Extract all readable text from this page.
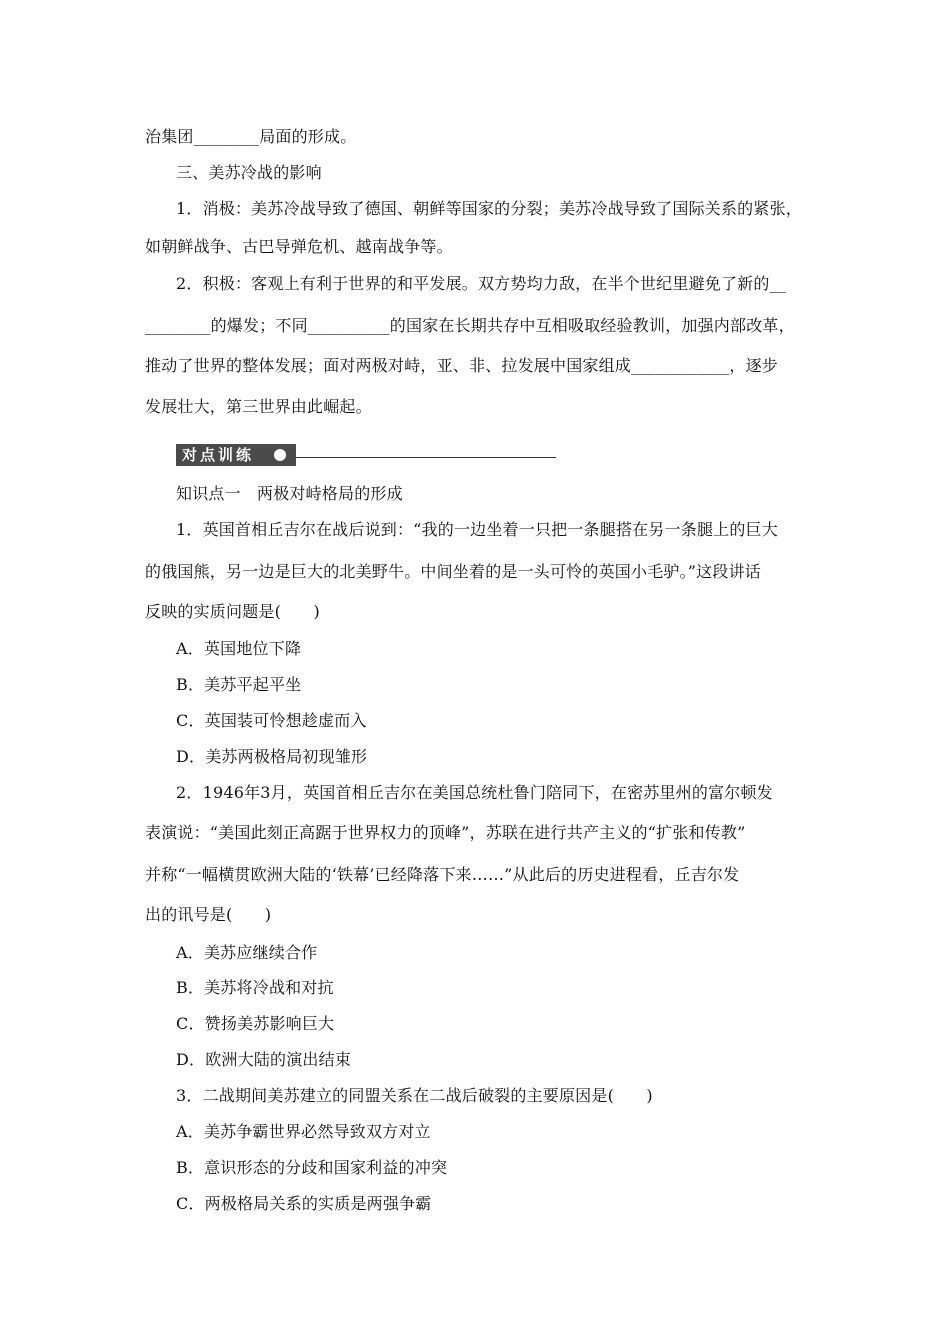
治集团________局面的形成。
三、美苏冷战的影响
1．消极：美苏冷战导致了德国、朝鲜等国家的分裂；美苏冷战导致了国际关系的紧张，
如朝鲜战争、古巴导弹危机、越南战争等。
2．积极：客观上有利于世界的和平发展。双方势均力敌，在半个世纪里避免了新的__
________的爆发；不同__________的国家在长期共存中互相吸取经验教训，加强内部改革，
推动了世界的整体发展；面对两极对峙，亚、非、拉发展中国家组成____________，逐步
发展壮大，第三世界由此崛起。
对点训练
知识点一　两极对峙格局的形成
1．英国首相丘吉尔在战后说到：“我的一边坐着一只把一条腿搭在另一条腿上的巨大
的俄国熊，另一边是巨大的北美野牛。中间坐着的是一头可怜的英国小毛驴。”这段讲话
反映的实质问题是(　　)
A．英国地位下降
B．美苏平起平坐
C．英国装可怜想趁虚而入
D．美苏两极格局初现雏形
2．1946年3月，英国首相丘吉尔在美国总统杜鲁门陪同下，在密苏里州的富尔顿发
表演说：“美国此刻正高踞于世界权力的顶峰”，苏联在进行共产主义的“扩张和传教”
并称“一幅横贯欧洲大陆的‘铁幕’已经降落下来……”从此后的历史进程看，丘吉尔发
出的讯号是(　　)
A．美苏应继续合作
B．美苏将冷战和对抗
C．赞扬美苏影响巨大
D．欧洲大陆的演出结束
3．二战期间美苏建立的同盟关系在二战后破裂的主要原因是(　　)
A．美苏争霸世界必然导致双方对立
B．意识形态的分歧和国家利益的冲突
C．两极格局关系的实质是两强争霸
